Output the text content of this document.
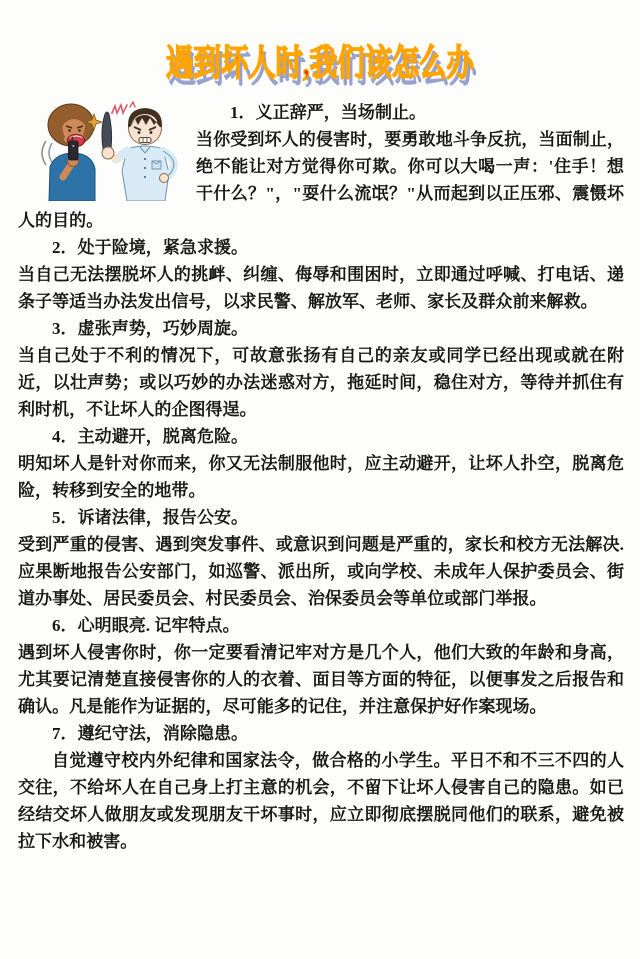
遇到坏人时,我们该怎么办

1．义正辞严，当场制止。

当你受到坏人的侵害时，要勇敢地斗争反抗，当面制止，绝不能让对方觉得你可欺。你可以大喝一声：'住手！想干什么？"，"耍什么流氓？"从而起到以正压邪、震慑坏人的目的。

2．处于险境，紧急求援。

当自己无法摆脱坏人的挑衅、纠缠、侮辱和围困时，立即通过呼喊、打电话、递条子等适当办法发出信号，以求民警、解放军、老师、家长及群众前来解救。

3．虚张声势，巧妙周旋。

当自己处于不利的情况下，可故意张扬有自己的亲友或同学已经出现或就在附近，以壮声势；或以巧妙的办法迷惑对方，拖延时间，稳住对方，等待并抓住有利时机，不让坏人的企图得逞。

4．主动避开，脱离危险。

明知坏人是针对你而来，你又无法制服他时，应主动避开，让坏人扑空，脱离危险，转移到安全的地带。

5．诉诸法律，报告公安。

受到严重的侵害、遇到突发事件、或意识到问题是严重的，家长和校方无法解决. 应果断地报告公安部门，如巡警、派出所，或向学校、未成年人保护委员会、街道办事处、居民委员会、村民委员会、治保委员会等单位或部门举报。

6．心明眼亮. 记牢特点。

遇到坏人侵害你时，你一定要看清记牢对方是几个人，他们大致的年龄和身高，尤其要记清楚直接侵害你的人的衣着、面目等方面的特征，以便事发之后报告和确认。凡是能作为证据的，尽可能多的记住，并注意保护好作案现场。

7．遵纪守法，消除隐患。

自觉遵守校内外纪律和国家法令，做合格的小学生。平日不和不三不四的人交往，不给坏人在自己身上打主意的机会，不留下让坏人侵害自己的隐患。如已经结交坏人做朋友或发现朋友干坏事时，应立即彻底摆脱同他们的联系，避免被拉下水和被害。
